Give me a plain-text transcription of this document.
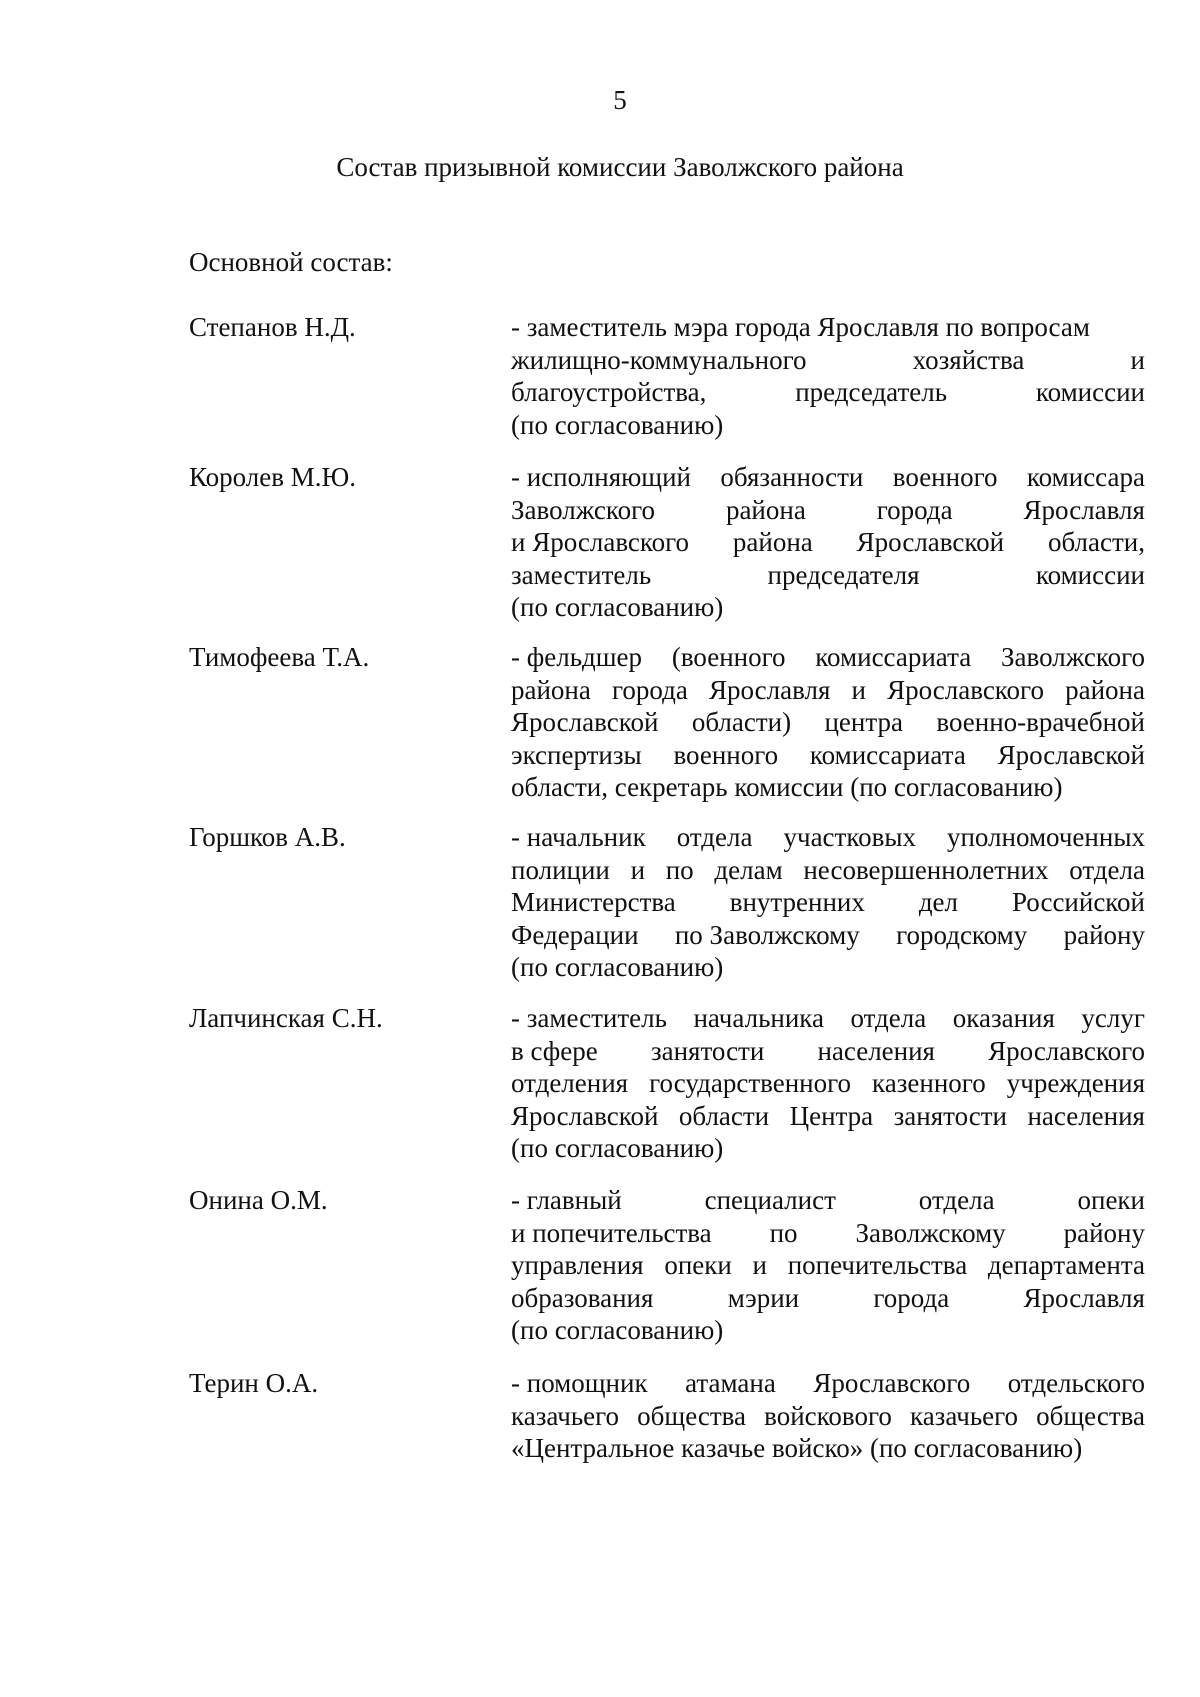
5
Состав призывной комиссии Заволжского района
Основной состав:
Степанов Н.Д.	- заместитель мэра города Ярославля по вопросам
жилищно-коммунального	хозяйства	и
благоустройства,	председатель	комиссии
(по согласованию)
Королев М.Ю.	- исполняющий обязанности военного комиссара
Заволжского	района	города	Ярославля
и Ярославского района Ярославской области,
заместитель	председателя	комиссии
(по согласованию)
Тимофеева Т.А.	- фельдшер (военного комиссариата Заволжского
района города Ярославля и Ярославского района
Ярославской области) центра военно-врачебной
экспертизы военного комиссариата Ярославской
области, секретарь комиссии (по согласованию)
Горшков А.В.	- начальник отдела участковых уполномоченных
полиции и по делам несовершеннолетних отдела
Министерства внутренних дел Российской
Федерации по Заволжскому городскому району
(по согласованию)
Лапчинская С.Н.	- заместитель начальника отдела оказания услуг
в сфере занятости населения Ярославского
отделения государственного казенного учреждения
Ярославской области Центра занятости населения
(по согласованию)
Онина О.М.	- главный	специалист	отдела	опеки
и попечительства по Заволжскому району
управления опеки и попечительства департамента
образования	мэрии	города	Ярославля
(по согласованию)
Терин О.А.	- помощник атамана Ярославского отдельского
казачьего общества войскового казачьего общества
«Центральное казачье войско» (по согласованию)
